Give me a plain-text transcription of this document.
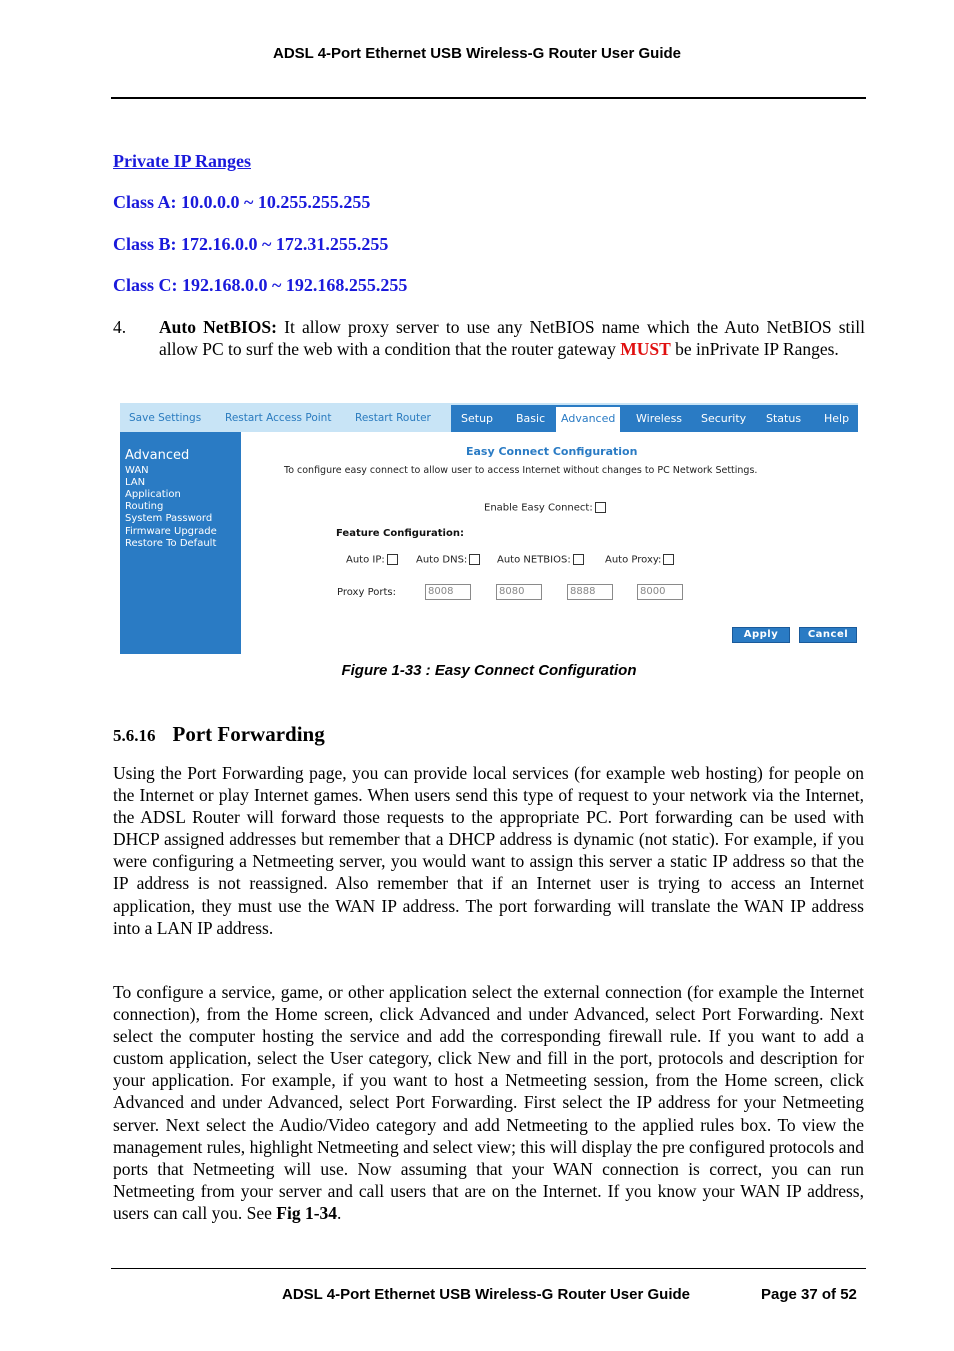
ADSL 4-Port Ethernet USB Wireless-G Router User Guide
Private IP Ranges
Class A: 10.0.0.0 ~ 10.255.255.255
Class B: 172.16.0.0 ~ 172.31.255.255
Class C: 192.168.0.0 ~ 192.168.255.255
4. Auto NetBIOS: It allow proxy server to use any NetBIOS name which the Auto NetBIOS still allow PC to surf the web with a condition that the router gateway MUST be inPrivate IP Ranges.
Save Settings Restart Access Point Restart Router	Setup Basic	Advanced	Wireless Security Status Help
Advanced
WAN
LAN
Application
Routing
System Password
Firmware Upgrade
Restore To Default
Easy Connect Configuration
To configure easy connect to allow user to access Internet without changes to PC Network Settings.
Enable Easy Connect:
Feature Configuration:
Auto IP:	Auto DNS:	Auto NETBIOS:	Auto Proxy:
Proxy Ports:	8008	8080	8888	8000
Apply	Cancel
Figure 1-33 : Easy Connect Configuration
5.6.16 Port Forwarding
Using the Port Forwarding page, you can provide local services (for example web hosting) for people on the Internet or play Internet games. When users send this type of request to your network via the Internet, the ADSL Router will forward those requests to the appropriate PC. Port forwarding can be used with DHCP assigned addresses but remember that a DHCP address is dynamic (not static). For example, if you were configuring a Netmeeting server, you would want to assign this server a static IP address so that the IP address is not reassigned. Also remember that if an Internet user is trying to access an Internet application, they must use the WAN IP address. The port forwarding will translate the WAN IP address into a LAN IP address.
To configure a service, game, or other application select the external connection (for example the Internet connection), from the Home screen, click Advanced and under Advanced, select Port Forwarding. Next select the computer hosting the service and add the corresponding firewall rule. If you want to add a custom application, select the User category, click New and fill in the port, protocols and description for your application. For example, if you want to host a Netmeeting session, from the Home screen, click Advanced and under Advanced, select Port Forwarding. First select the IP address for your Netmeeting server. Next select the Audio/Video category and add Netmeeting to the applied rules box. To view the management rules, highlight Netmeeting and select view; this will display the pre configured protocols and ports that Netmeeting will use. Now assuming that your WAN connection is correct, you can run Netmeeting from your server and call users that are on the Internet. If you know your WAN IP address, users can call you. See Fig 1-34.
ADSL 4-Port Ethernet USB Wireless-G Router User Guide	Page 37 of 52
